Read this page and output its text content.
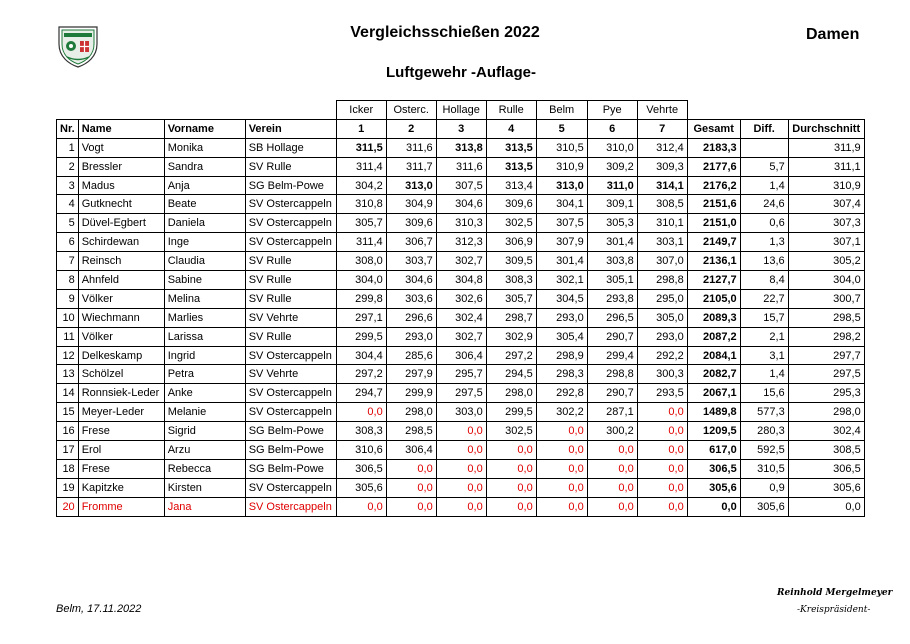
Vergleichsschießen 2022
Luftgewehr -Auflage-
Damen
				Icker	Osterc.	Hollage	Rulle	Belm	Pye	Vehrte			
Nr.	Name	Vorname	Verein	1	2	3	4	5	6	7	Gesamt	Diff.	Durchschnitt
1	Vogt	Monika	SB Hollage	311,5	311,6	313,8	313,5	310,5	310,0	312,4	2183,3		311,9
2	Bressler	Sandra	SV Rulle	311,4	311,7	311,6	313,5	310,9	309,2	309,3	2177,6	5,7	311,1
3	Madus	Anja	SG Belm-Powe	304,2	313,0	307,5	313,4	313,0	311,0	314,1	2176,2	1,4	310,9
4	Gutknecht	Beate	SV Ostercappeln	310,8	304,9	304,6	309,6	304,1	309,1	308,5	2151,6	24,6	307,4
5	Düvel-Egbert	Daniela	SV Ostercappeln	305,7	309,6	310,3	302,5	307,5	305,3	310,1	2151,0	0,6	307,3
6	Schirdewan	Inge	SV Ostercappeln	311,4	306,7	312,3	306,9	307,9	301,4	303,1	2149,7	1,3	307,1
7	Reinsch	Claudia	SV Rulle	308,0	303,7	302,7	309,5	301,4	303,8	307,0	2136,1	13,6	305,2
8	Ahnfeld	Sabine	SV Rulle	304,0	304,6	304,8	308,3	302,1	305,1	298,8	2127,7	8,4	304,0
9	Völker	Melina	SV Rulle	299,8	303,6	302,6	305,7	304,5	293,8	295,0	2105,0	22,7	300,7
10	Wiechmann	Marlies	SV Vehrte	297,1	296,6	302,4	298,7	293,0	296,5	305,0	2089,3	15,7	298,5
11	Völker	Larissa	SV Rulle	299,5	293,0	302,7	302,9	305,4	290,7	293,0	2087,2	2,1	298,2
12	Delkeskamp	Ingrid	SV Ostercappeln	304,4	285,6	306,4	297,2	298,9	299,4	292,2	2084,1	3,1	297,7
13	Schölzel	Petra	SV Vehrte	297,2	297,9	295,7	294,5	298,3	298,8	300,3	2082,7	1,4	297,5
14	Ronnsiek-Leder	Anke	SV Ostercappeln	294,7	299,9	297,5	298,0	292,8	290,7	293,5	2067,1	15,6	295,3
15	Meyer-Leder	Melanie	SV Ostercappeln	0,0	298,0	303,0	299,5	302,2	287,1	0,0	1489,8	577,3	298,0
16	Frese	Sigrid	SG Belm-Powe	308,3	298,5	0,0	302,5	0,0	300,2	0,0	1209,5	280,3	302,4
17	Erol	Arzu	SG Belm-Powe	310,6	306,4	0,0	0,0	0,0	0,0	0,0	617,0	592,5	308,5
18	Frese	Rebecca	SG Belm-Powe	306,5	0,0	0,0	0,0	0,0	0,0	0,0	306,5	310,5	306,5
19	Kapitzke	Kirsten	SV Ostercappeln	305,6	0,0	0,0	0,0	0,0	0,0	0,0	305,6	0,9	305,6
20	Fromme	Jana	SV Ostercappeln	0,0	0,0	0,0	0,0	0,0	0,0	0,0	0,0	305,6	0,0
Belm, 17.11.2022
Reinhold Mergelmeyer
-Kreispräsident-
